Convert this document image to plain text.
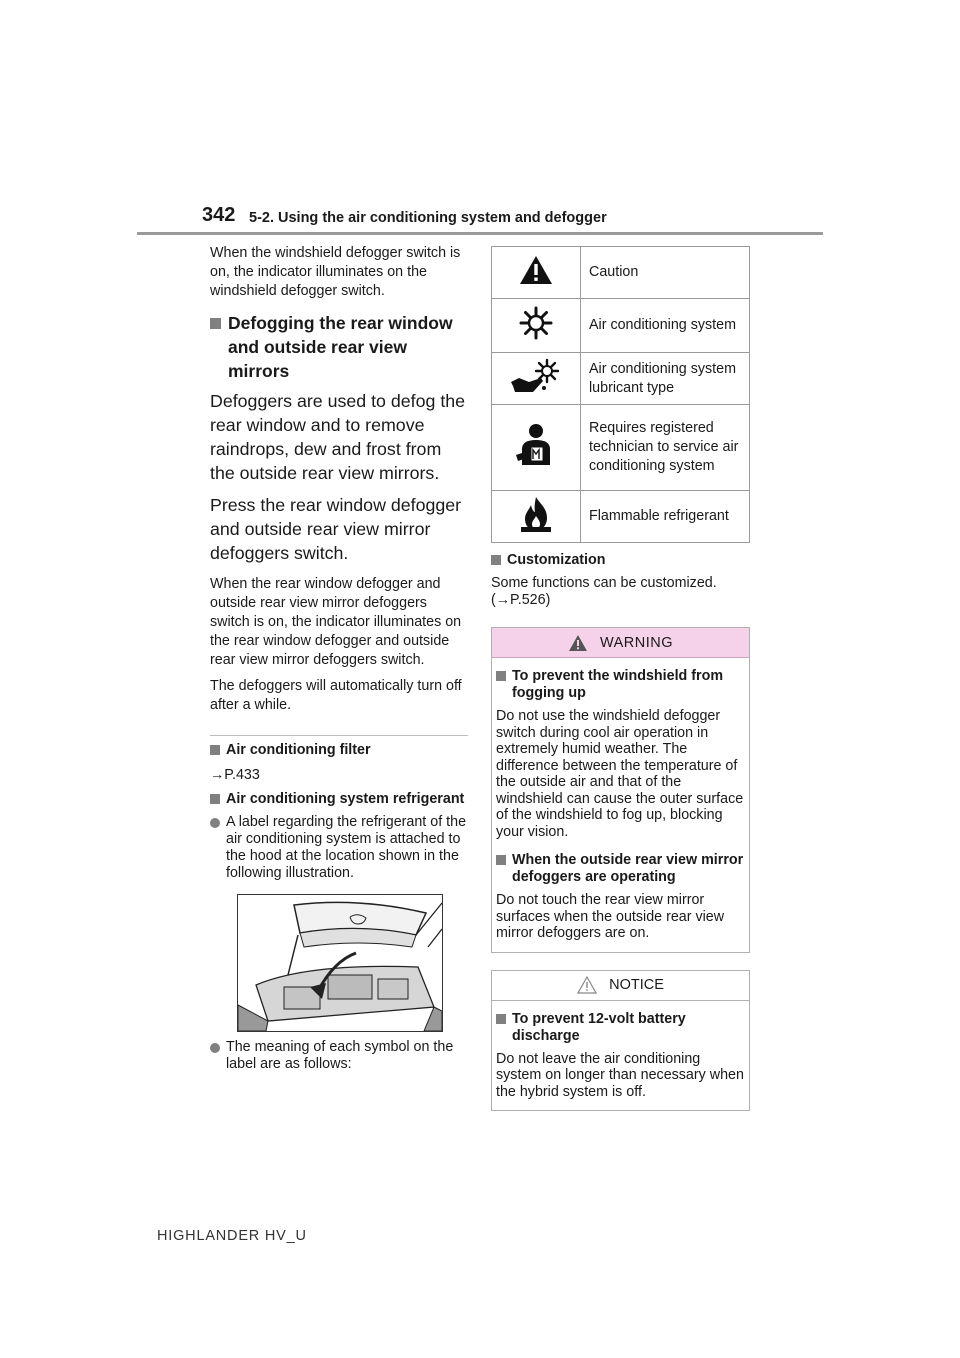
342 5-2. Using the air conditioning system and defogger

When the windshield defogger switch is on, the indicator illuminates on the windshield defogger switch.

Defogging the rear window and outside rear view mirrors

Defoggers are used to defog the rear window and to remove raindrops, dew and frost from the outside rear view mirrors.

Press the rear window defogger and outside rear view mirror defoggers switch.

When the rear window defogger and outside rear view mirror defoggers switch is on, the indicator illuminates on the rear window defogger and outside rear view mirror defoggers switch.

The defoggers will automatically turn off after a while.

Air conditioning filter

→P.433

Air conditioning system refrigerant
A label regarding the refrigerant of the air conditioning system is attached to the hood at the location shown in the following illustration.
The meaning of each symbol on the label are as follows:
	Caution
	Air conditioning system
	Air conditioning system lubricant type
	Requires registered technician to service air conditioning system
	Flammable refrigerant
Customization

Some functions can be customized. (→P.526)

WARNING
To prevent the windshield from fogging up

Do not use the windshield defogger switch during cool air operation in extremely humid weather. The difference between the temperature of the outside air and that of the windshield can cause the outer surface of the windshield to fog up, blocking your vision.

When the outside rear view mirror defoggers are operating

Do not touch the rear view mirror surfaces when the outside rear view mirror defoggers are on.

NOTICE
To prevent 12-volt battery discharge

Do not leave the air conditioning system on longer than necessary when the hybrid system is off.

HIGHLANDER HV_U
